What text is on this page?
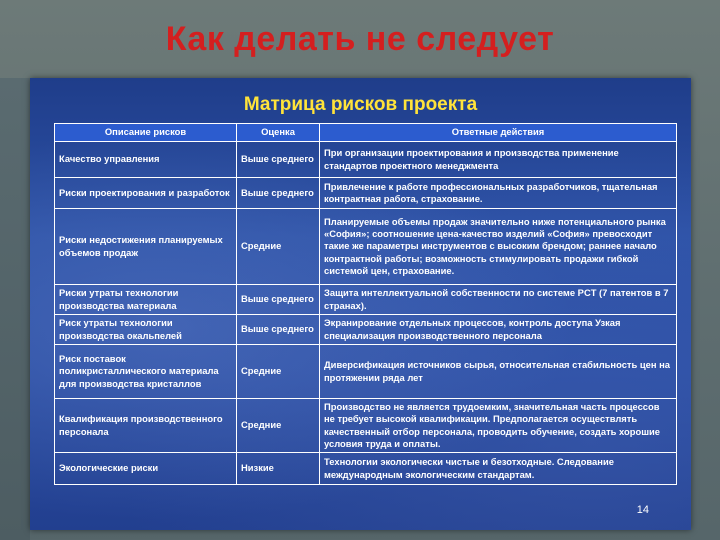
Как делать не следует
Матрица рисков проекта
Описание рисков	Оценка	Ответные действия
Качество управления	Выше среднего	При организации проектирования и производства применение стандартов проектного менеджмента
Риски проектирования и разработок	Выше среднего	Привлечение к работе профессиональных разработчиков, тщательная контрактная работа, страхование.
Риски недостижения планируемых объемов продаж	Средние	Планируемые объемы продаж значительно ниже потенциального рынка «София»; соотношение цена-качество изделий «София» превосходит такие же параметры инструментов с высоким брендом; раннее начало контрактной работы; возможность стимулировать продажи гибкой системой цен, страхование.
Риски утраты технологии производства материала	Выше среднего	Защита интеллектуальной собственности по системе PCT (7 патентов в 7 странах).
Риск утраты технологии производства окальпелей	Выше среднего	Экранирование отдельных процессов, контроль доступа Узкая специализация производственного персонала
Риск поставок поликристаллического материала для производства кристаллов	Средние	Диверсификация источников сырья, относительная стабильность цен на протяжении ряда лет
Квалификация производственного персонала	Средние	Производство не является трудоемким, значительная часть процессов не требует высокой квалификации. Предполагается осуществлять качественный отбор персонала, проводить обучение, создать хорошие условия труда и оплаты.
Экологические риски	Низкие	Технологии экологически чистые и безотходные. Следование международным экологическим стандартам.
14
